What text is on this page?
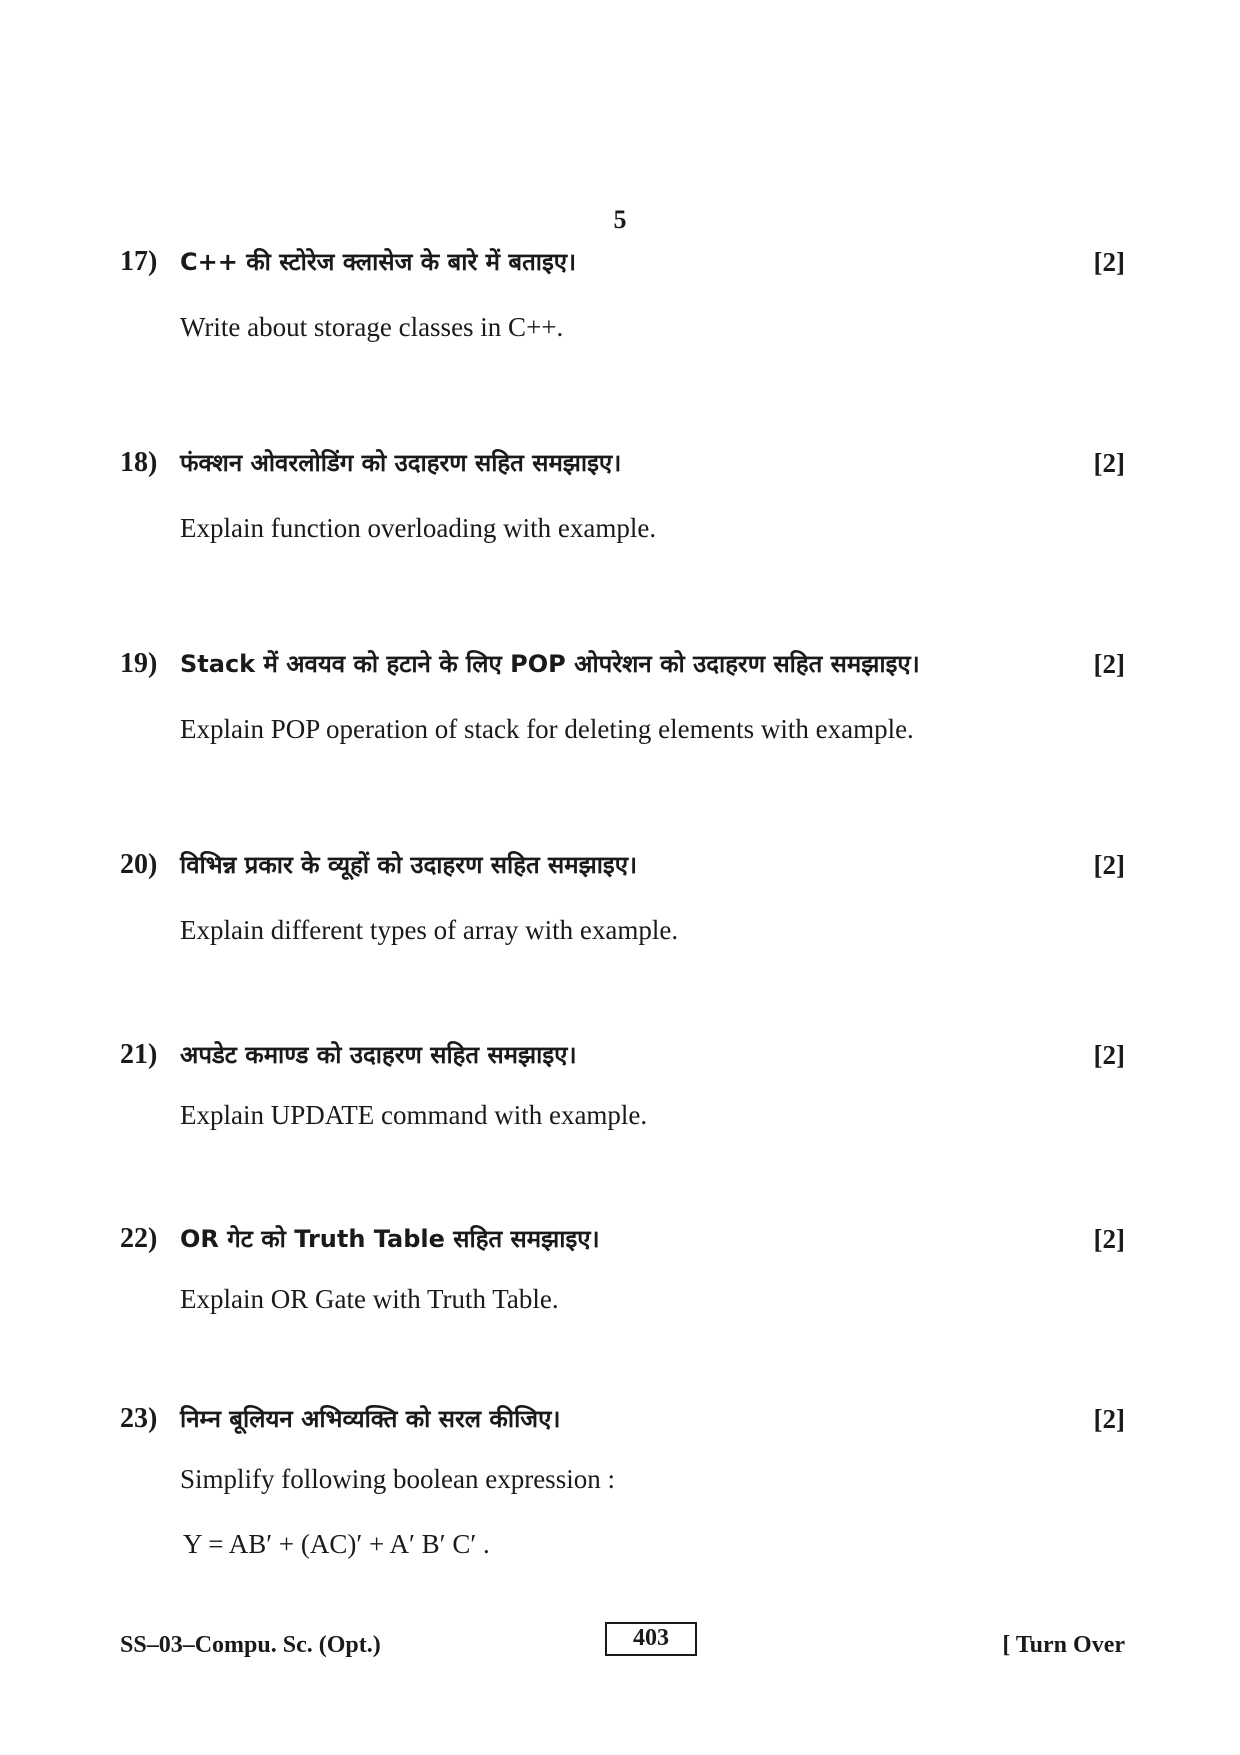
5
17) C++ की स्टोरेज क्लासेज के बारे में बताइए।	[2]
Write about storage classes in C++.
18) फंक्शन ओवरलोडिंग को उदाहरण सहित समझाइए।	[2]
Explain function overloading with example.
19) Stack में अवयव को हटाने के लिए POP ओपरेशन को उदाहरण सहित समझाइए।	[2]
Explain POP operation of stack for deleting elements with example.
20) विभिन्न प्रकार के व्यूहों को उदाहरण सहित समझाइए।	[2]
Explain different types of array with example.
21) अपडेट कमाण्ड को उदाहरण सहित समझाइए।	[2]
Explain UPDATE command with example.
22) OR गेट को Truth Table सहित समझाइए।	[2]
Explain OR Gate with Truth Table.
23) निम्न बूलियन अभिव्यक्ति को सरल कीजिए।	[2]
Simplify following boolean expression :
Y = AB′ + (AC)′ + A′ B′ C′ .
SS–03–Compu. Sc. (Opt.)	403	[ Turn Over
